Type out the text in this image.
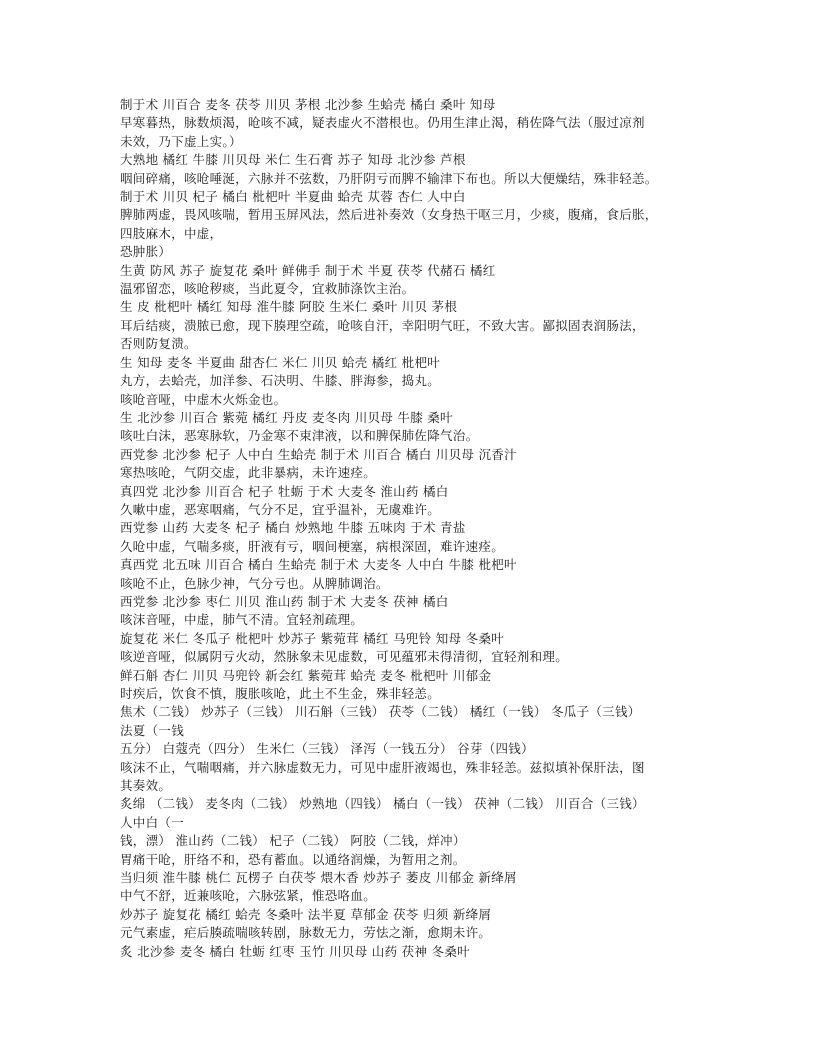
制于术 川百合 麦冬 茯苓 川贝 茅根 北沙参 生蛤壳 橘白 桑叶 知母
早寒暮热，脉数烦渴，呛咳不减，疑表虚火不潜根也。仍用生津止渴，稍佐降气法（服过凉剂
未效，乃下虚上实。）
大熟地 橘红 牛膝 川贝母 米仁 生石膏 苏子 知母 北沙参 芦根
咽间碎痛，咳呛唾涎，六脉并不弦数，乃肝阴亏而脾不输津下布也。所以大便燥结，殊非轻恙。
制于术 川贝 杞子 橘白 枇杷叶 半夏曲 蛤壳 苁蓉 杏仁 人中白
脾肺两虚，畏风咳喘，暂用玉屏风法，然后进补奏效（女身热干呕三月，少痰，腹痛，食后胀，
四肢麻木，中虚，
恐肿胀）
生黄 防风 苏子 旋复花 桑叶 鲜佛手 制于术 半夏 茯苓 代赭石 橘红
温邪留恋，咳呛秽痰，当此夏令，宜救肺涤饮主治。
生 皮 枇杷叶 橘红 知母 淮牛膝 阿胶 生米仁 桑叶 川贝 茅根
耳后结痰，溃脓已愈，现下腠理空疏，呛咳自汗，幸阳明气旺，不致大害。鄙拟固表润肠法，
否则防复溃。
生 知母 麦冬 半夏曲 甜杏仁 米仁 川贝 蛤壳 橘红 枇杷叶
丸方，去蛤壳，加洋参、石决明、牛膝、胖海参，捣丸。
咳呛音哑，中虚木火烁金也。
生 北沙参 川百合 紫菀 橘红 丹皮 麦冬肉 川贝母 牛膝 桑叶
咳吐白沫，恶寒脉软，乃金寒不束津液，以和脾保肺佐降气治。
西党参 北沙参 杞子 人中白 生蛤壳 制于术 川百合 橘白 川贝母 沉香汁
寒热咳呛，气阴交虚，此非暴病，未许速痊。
真四党 北沙参 川百合 杞子 牡蛎 于术 大麦冬 淮山药 橘白
久嗽中虚，恶寒咽痛，气分不足，宜乎温补，无虞难许。
西党参 山药 大麦冬 杞子 橘白 炒熟地 牛膝 五味肉 于术 青盐
久呛中虚，气喘多痰，肝液有亏，咽间梗塞，病根深固，难许速痊。
真西党 北五味 川百合 橘白 生蛤壳 制于术 大麦冬 人中白 牛膝 枇杷叶
咳呛不止，色脉少神，气分亏也。从脾肺调治。
西党参 北沙参 枣仁 川贝 淮山药 制于术 大麦冬 茯神 橘白
咳沫音哑，中虚，肺气不清。宜轻剂疏理。
旋复花 米仁 冬瓜子 枇杷叶 炒苏子 紫菀茸 橘红 马兜铃 知母 冬桑叶
咳逆音哑，似属阴亏火动，然脉象未见虚数，可见蕴邪未得清彻，宜轻剂和理。
鲜石斛 杏仁 川贝 马兜铃 新会红 紫菀茸 蛤壳 麦冬 枇杷叶 川郁金
时疾后，饮食不慎，腹胀咳呛，此土不生金，殊非轻恙。
焦术（二钱） 炒苏子（三钱） 川石斛（三钱） 茯苓（二钱） 橘红（一钱） 冬瓜子（三钱）
法夏（一钱
五分） 白蔻壳（四分） 生米仁（三钱） 泽泻（一钱五分） 谷芽（四钱）
咳沫不止，气喘咽痛，并六脉虚数无力，可见中虚肝液竭也，殊非轻恙。兹拟填补保肝法，图
其奏效。
炙绵 （二钱） 麦冬肉（二钱） 炒熟地（四钱） 橘白（一钱） 茯神（二钱） 川百合（三钱）
人中白（一
钱，漂） 淮山药（二钱） 杞子（二钱） 阿胶（二钱，烊冲）
胃痛干呛，肝络不和，恐有蓄血。以通络润燥，为暂用之剂。
当归须 淮牛膝 桃仁 瓦楞子 白茯苓 煨木香 炒苏子 萎皮 川郁金 新绛屑
中气不舒，近兼咳呛，六脉弦紧，惟恐咯血。
炒苏子 旋复花 橘红 蛤壳 冬桑叶 法半夏 草郁金 茯苓 归须 新绛屑
元气素虚，疟后腠疏喘咳转剧，脉数无力，劳怯之渐，愈期未许。
炙 北沙参 麦冬 橘白 牡蛎 红枣 玉竹 川贝母 山药 茯神 冬桑叶
